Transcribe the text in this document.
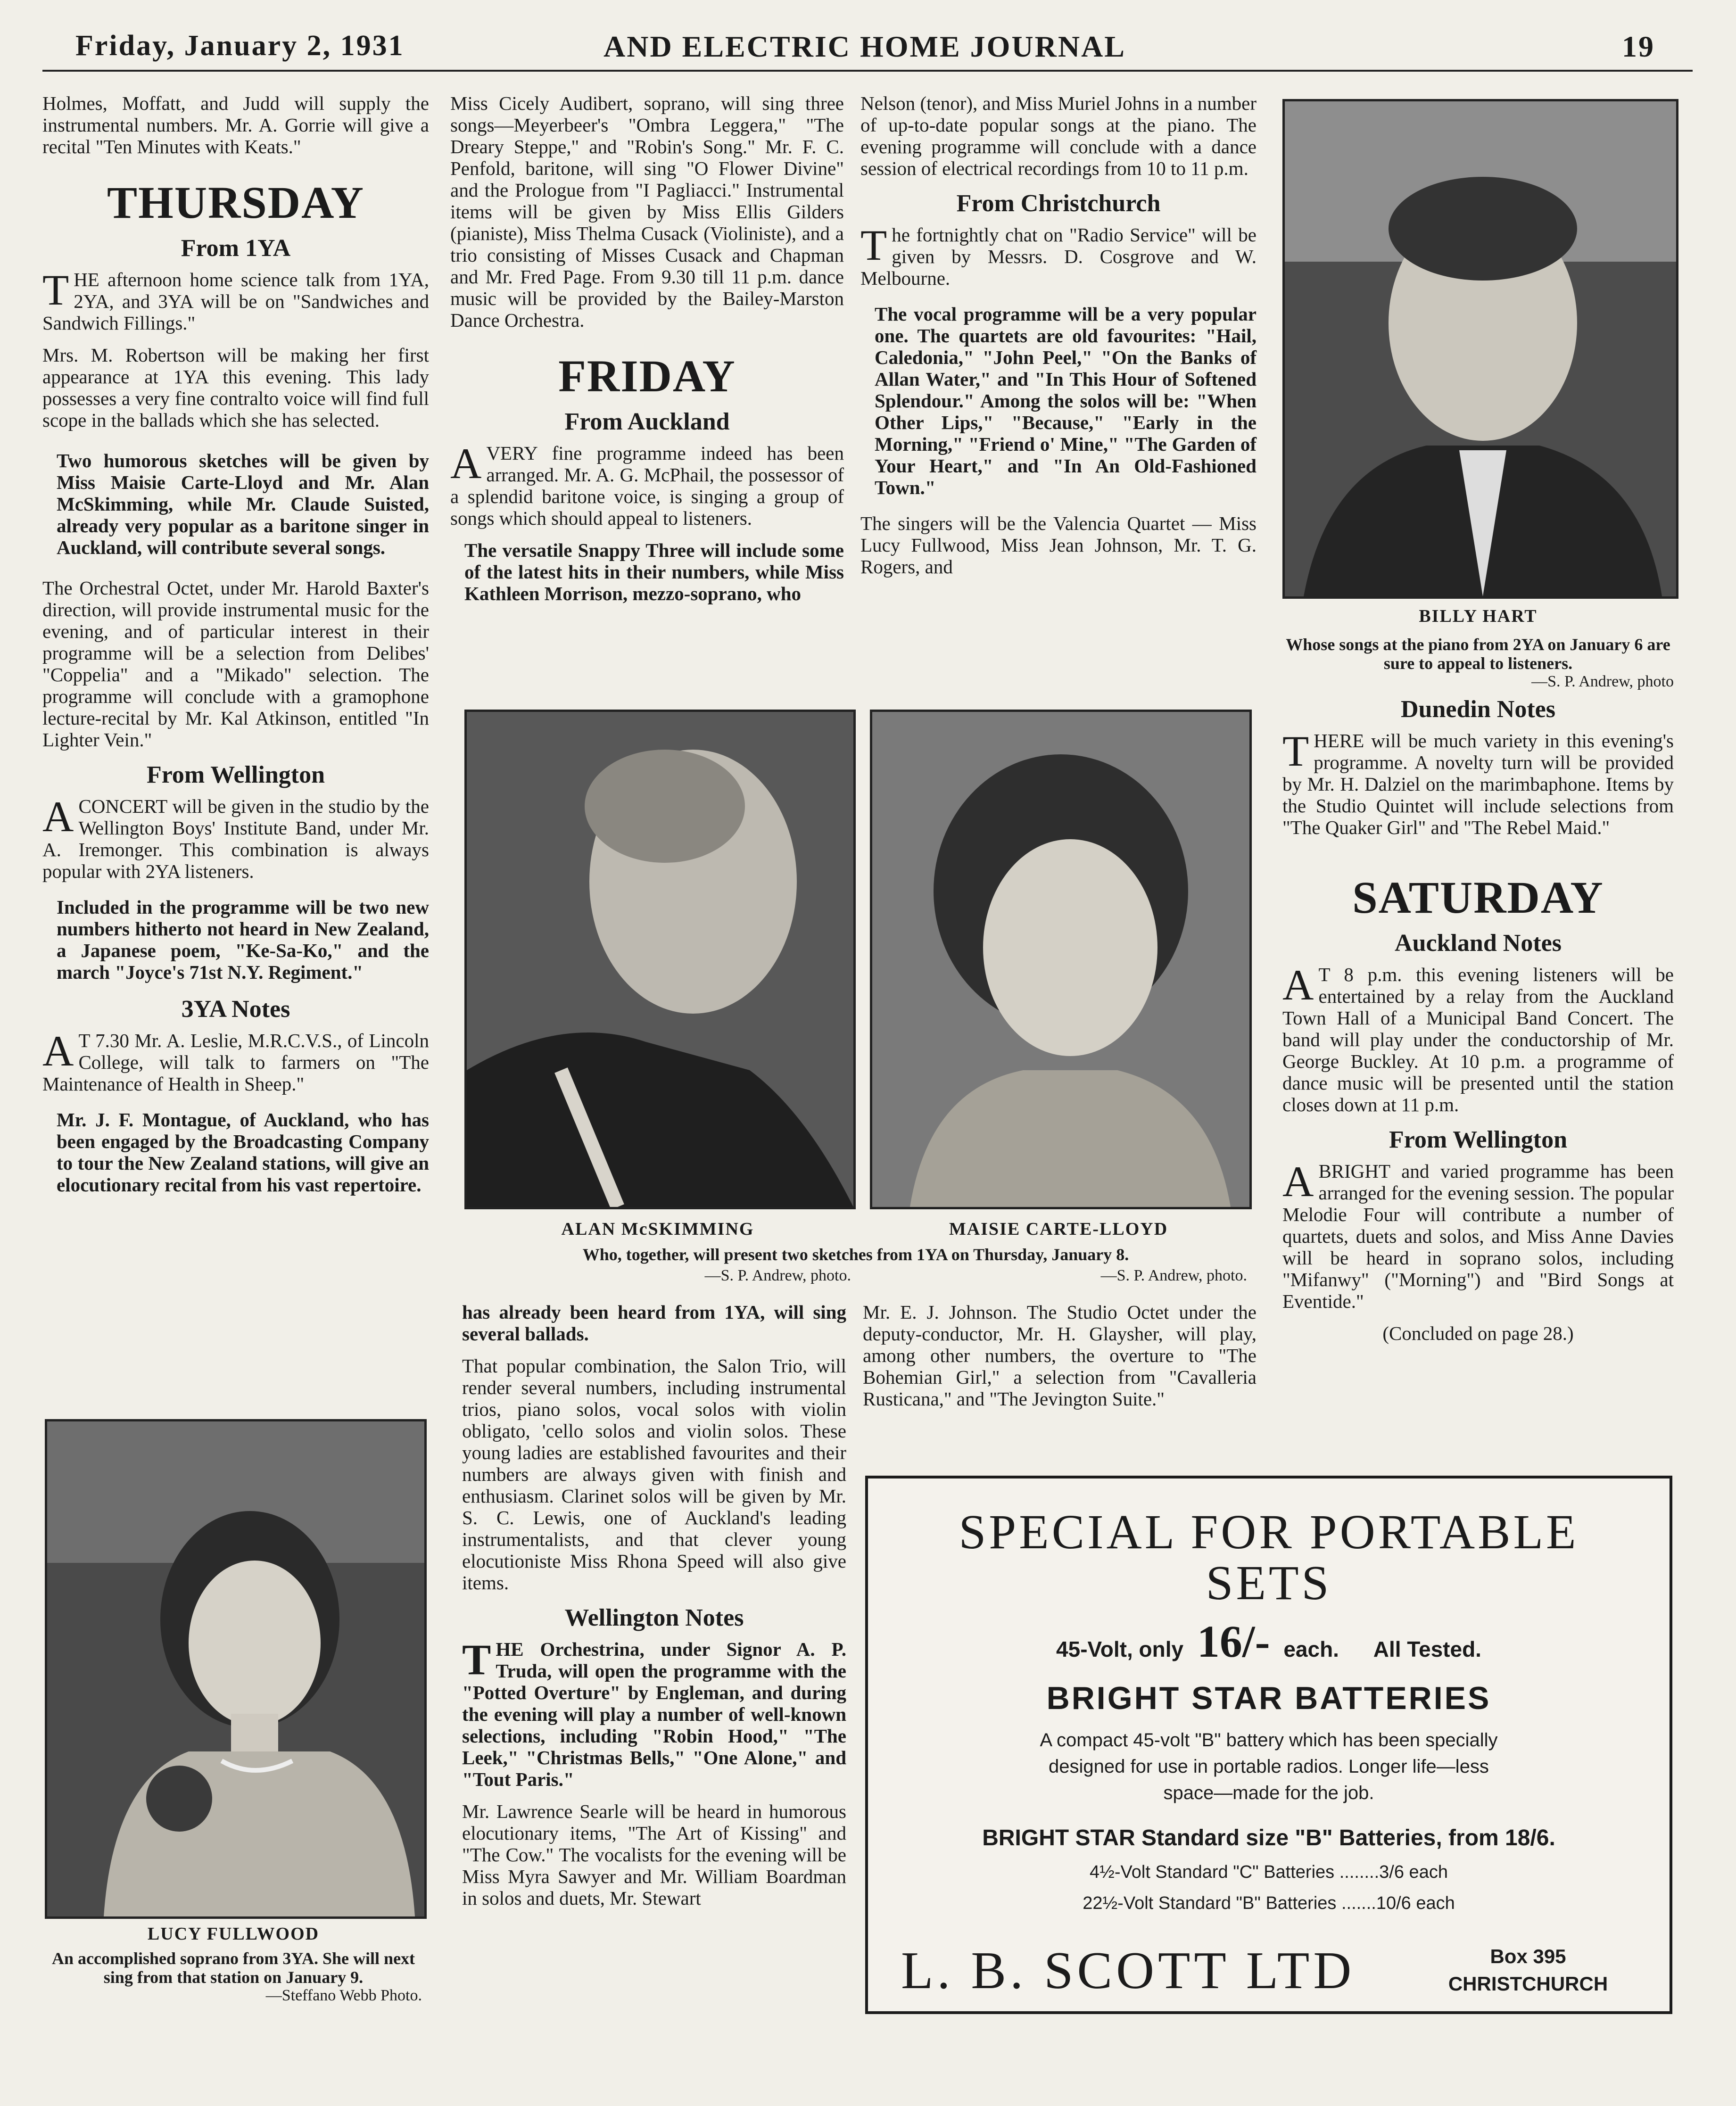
Friday, January 2, 1931	AND ELECTRIC HOME JOURNAL	19

Holmes, Moffatt, and Judd will supply the instrumental numbers. Mr. A. Gorrie will give a recital "Ten Minutes with Keats."

THURSDAY
From 1YA

THE afternoon home science talk from 1YA, 2YA, and 3YA will be on "Sandwiches and Sandwich Fillings."

Mrs. M. Robertson will be making her first appearance at 1YA this evening. This lady possesses a very fine contralto voice will find full scope in the ballads which she has selected.

Two humorous sketches will be given by Miss Maisie Carte-Lloyd and Mr. Alan McSkimming, while Mr. Claude Suisted, already very popular as a baritone singer in Auckland, will contribute several songs.

The Orchestral Octet, under Mr. Harold Baxter's direction, will provide instrumental music for the evening, and of particular interest in their programme will be a selection from Delibes' "Coppelia" and a "Mikado" selection. The programme will conclude with a gramophone lecture-recital by Mr. Kal Atkinson, entitled "In Lighter Vein."

From Wellington

ACONCERT will be given in the studio by the Wellington Boys' Institute Band, under Mr. A. Iremonger. This combination is always popular with 2YA listeners.

Included in the programme will be two new numbers hitherto not heard in New Zealand, a Japanese poem, "Ke-Sa-Ko," and the march "Joyce's 71st N.Y. Regiment."

3YA Notes

A T 7.30 Mr. A. Leslie, M.R.C.V.S., of Lincoln College, will talk to farmers on "The Maintenance of Health in Sheep."

Mr. J. F. Montague, of Auckland, who has been engaged by the Broadcasting Company to tour the New Zealand stations, will give an elocutionary recital from his vast repertoire.

LUCY FULLWOOD
An accomplished soprano from 3YA. She will next sing from that station on January 9.
—Steffano Webb Photo.

Miss Cicely Audibert, soprano, will sing three songs—Meyerbeer's "Ombra Leggera," "The Dreary Steppe," and "Robin's Song." Mr. F. C. Penfold, baritone, will sing "O Flower Divine" and the Prologue from "I Pagliacci." Instrumental items will be given by Miss Ellis Gilders (pianiste), Miss Thelma Cusack (Violiniste), and a trio consisting of Misses Cusack and Chapman and Mr. Fred Page. From 9.30 till 11 p.m. dance music will be provided by the Bailey-Marston Dance Orchestra.

FRIDAY
From Auckland

AVERY fine programme indeed has been arranged. Mr. A. G. McPhail, the possessor of a splendid baritone voice, is singing a group of songs which should appeal to listeners.

The versatile Snappy Three will include some of the latest hits in their numbers, while Miss Kathleen Morrison, mezzo-soprano, who

Nelson (tenor), and Miss Muriel Johns in a number of up-to-date popular songs at the piano. The evening programme will conclude with a dance session of electrical recordings from 10 to 11 p.m.

From Christchurch

The fortnightly chat on "Radio Service" will be given by Messrs. D. Cosgrove and W. Melbourne.

The vocal programme will be a very popular one. The quartets are old favourites: "Hail, Caledonia," "John Peel," "On the Banks of Allan Water," and "In This Hour of Softened Splendour." Among the solos will be: "When Other Lips," "Because," "Early in the Morning," "Friend o' Mine," "The Garden of Your Heart," and "In An Old-Fashioned Town."

The singers will be the Valencia Quartet — Miss Lucy Fullwood, Miss Jean Johnson, Mr. T. G. Rogers, and

ALAN McSKIMMING	MAISIE CARTE-LLOYD
Who, together, will present two sketches from 1YA on Thursday, January 8.
—S. P. Andrew, photo.	—S. P. Andrew, photo.

has already been heard from 1YA, will sing several ballads.

That popular combination, the Salon Trio, will render several numbers, including instrumental trios, piano solos, vocal solos with violin obligato, 'cello solos and violin solos. These young ladies are established favourites and their numbers are always given with finish and enthusiasm. Clarinet solos will be given by Mr. S. C. Lewis, one of Auckland's leading instrumentalists, and that clever young elocutioniste Miss Rhona Speed will also give items.

Wellington Notes

THE Orchestrina, under Signor A. P. Truda, will open the programme with the "Potted Overture" by Engleman, and during the evening will play a number of well-known selections, including "Robin Hood," "The Leek," "Christmas Bells," "One Alone," and "Tout Paris."

Mr. Lawrence Searle will be heard in humorous elocutionary items, "The Art of Kissing" and "The Cow." The vocalists for the evening will be Miss Myra Sawyer and Mr. William Boardman in solos and duets, Mr. Stewart

Mr. E. J. Johnson. The Studio Octet under the deputy-conductor, Mr. H. Glaysher, will play, among other numbers, the overture to "The Bohemian Girl," a selection from "Cavalleria Rusticana," and "The Jevington Suite."

BILLY HART
Whose songs at the piano from 2YA on January 6 are sure to appeal to listeners.
—S. P. Andrew, photo
Dunedin Notes

THERE will be much variety in this evening's programme. A novelty turn will be provided by Mr. H. Dalziel on the marimbaphone. Items by the Studio Quintet will include selections from "The Quaker Girl" and "The Rebel Maid."

SATURDAY
Auckland Notes

A T 8 p.m. this evening listeners will be entertained by a relay from the Auckland Town Hall of a Municipal Band Concert. The band will play under the conductorship of Mr. George Buckley. At 10 p.m. a programme of dance music will be presented until the station closes down at 11 p.m.

From Wellington

ABRIGHT and varied programme has been arranged for the evening session. The popular Melodie Four will contribute a number of quartets, duets and solos, and Miss Anne Davies will be heard in soprano solos, including "Mifanwy" ("Morning") and "Bird Songs at Eventide."

(Concluded on page 28.)

SPECIAL FOR PORTABLE
SETS
45-Volt, only 16/- each. All Tested.
BRIGHT STAR BATTERIES
A compact 45-volt "B" battery which has been specially
designed for use in portable radios. Longer life—less
space—made for the job.
BRIGHT STAR Standard size "B" Batteries, from 18/6.
4½-Volt Standard "C" Batteries ........3/6 each
22½-Volt Standard "B" Batteries .......10/6 each
L. B. SCOTT LTD	Box 395
CHRISTCHURCH
